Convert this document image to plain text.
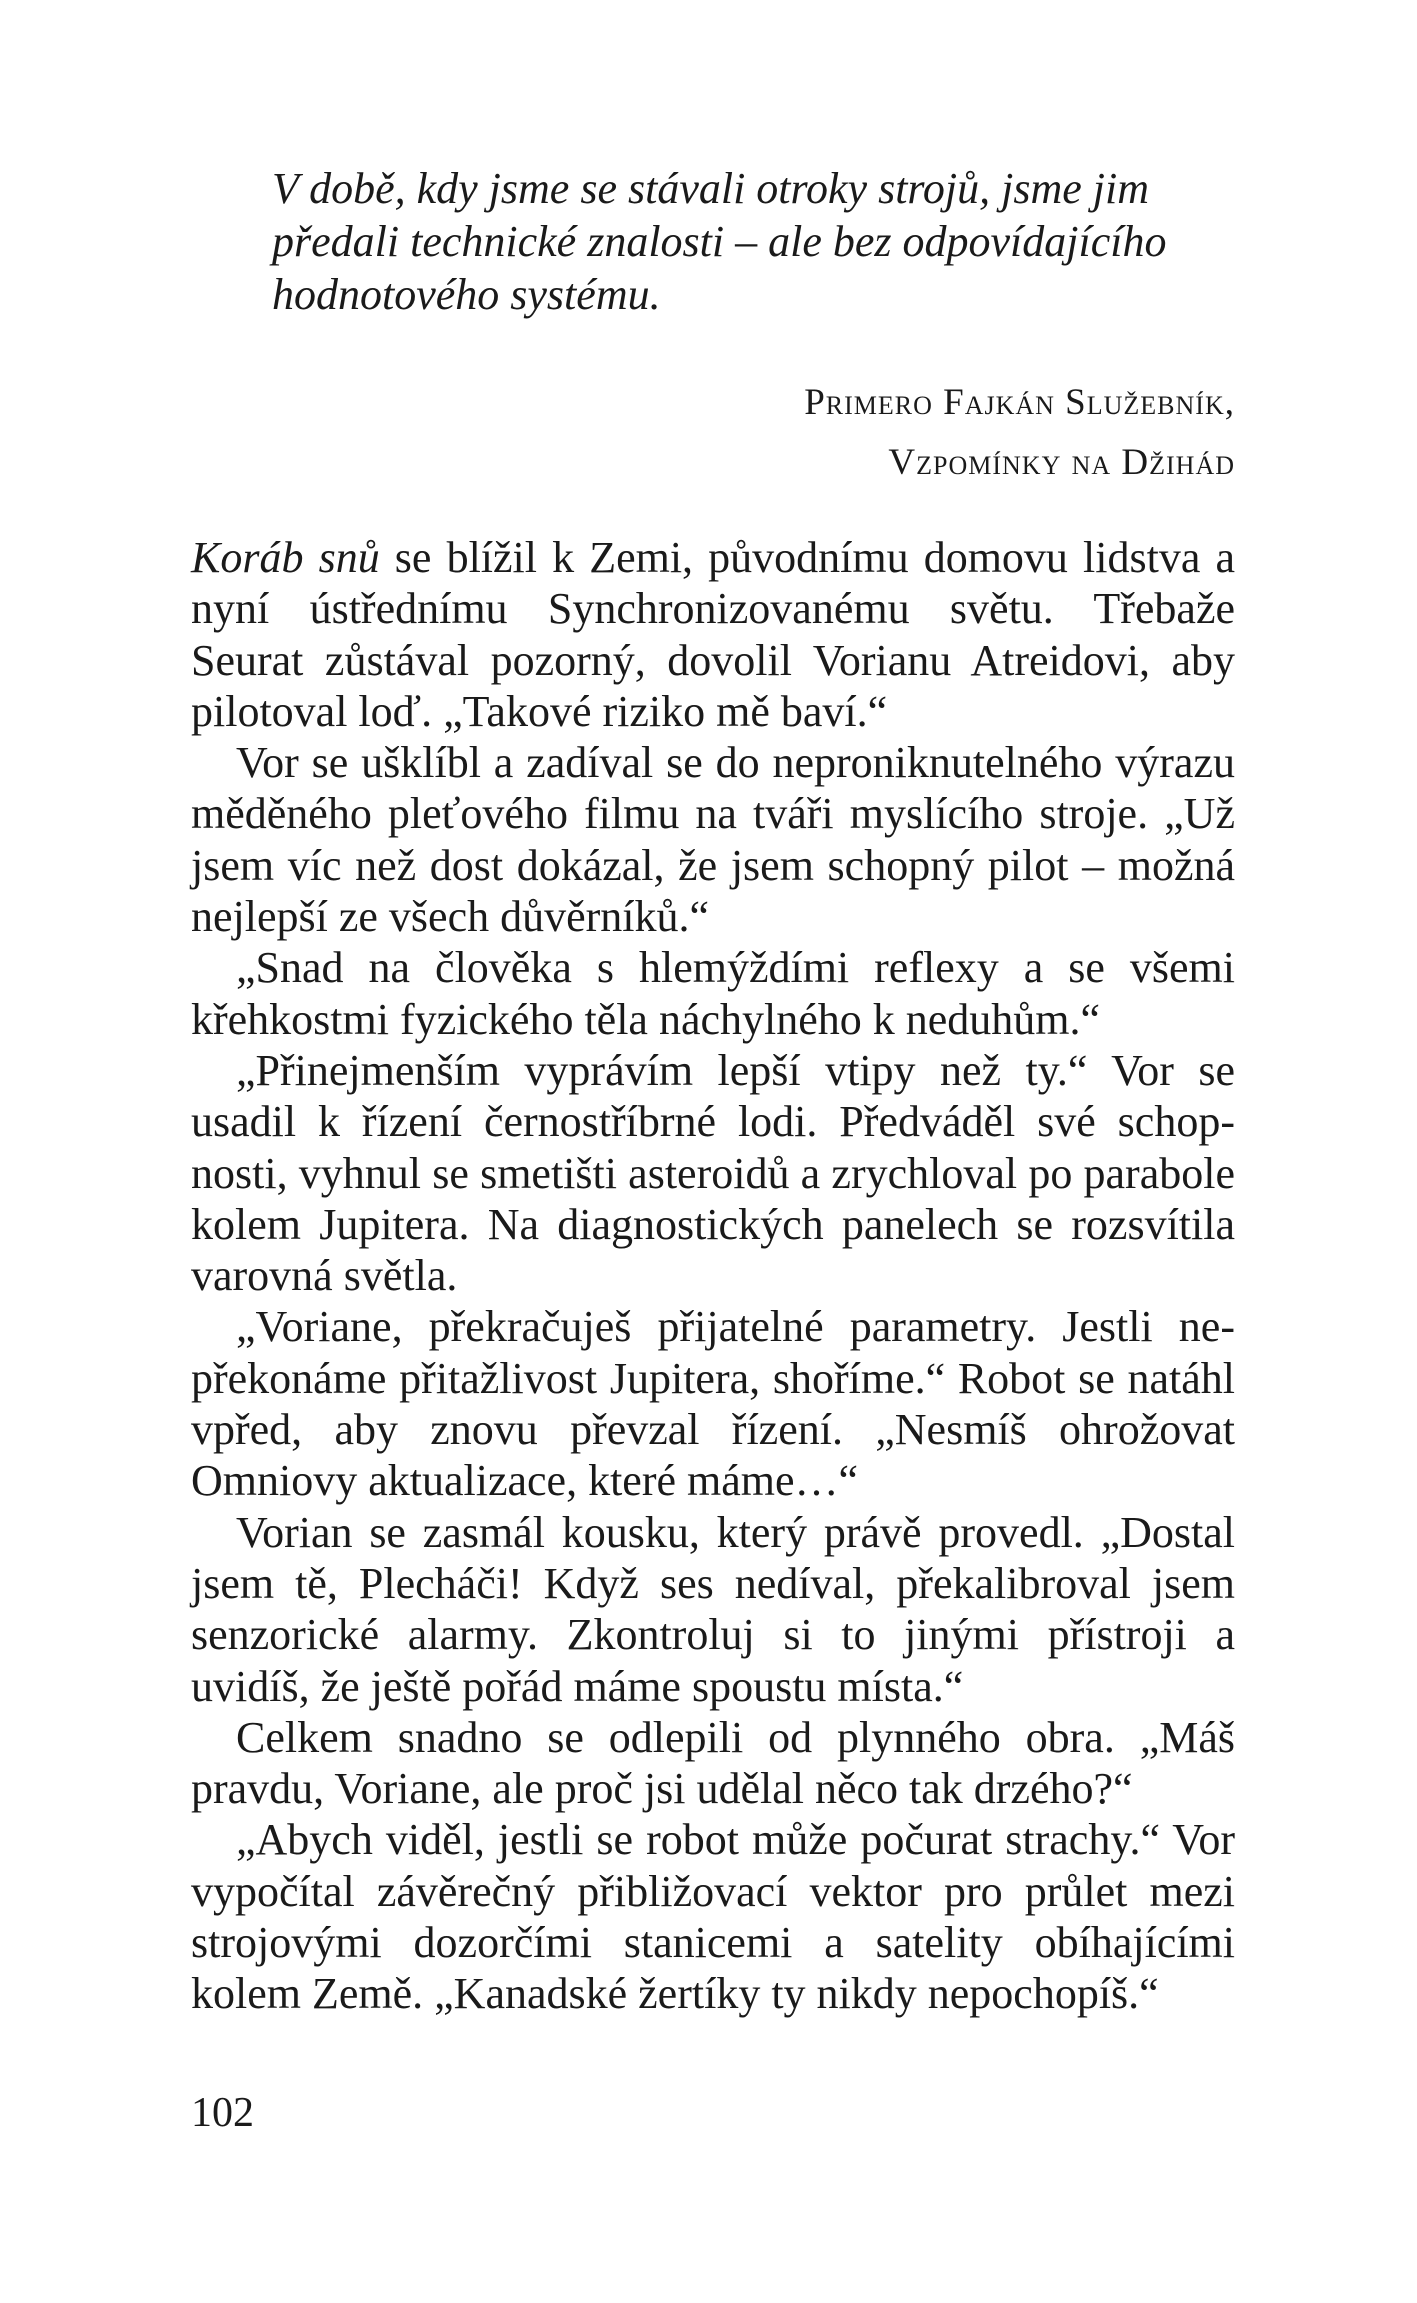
V době, kdy jsme se stávali otroky strojů, jsme jim předali technické znalosti – ale bez odpovídajícího hodnotového systému.

Primero Fajkán Služebník,
Vzpomínky na Džihád

Koráb snů se blížil k Zemi, původnímu domovu lidstva a nyní ústřednímu Synchronizovanému světu. Třebaže Seurat zůstával pozorný, dovolil Vorianu Atreidovi, aby pilotoval loď. „Takové riziko mě baví.“

Vor se ušklíbl a zadíval se do neproniknutelného výrazu měděného pleťového filmu na tváři myslícího stroje. „Už jsem víc než dost dokázal, že jsem schopný pilot – možná nejlepší ze všech důvěrníků.“

„Snad na člověka s hlemýždími reflexy a se všemi křehkostmi fyzického těla náchylného k neduhům.“

„Přinejmenším vyprávím lepší vtipy než ty.“ Vor se usadil k řízení černostříbrné lodi. Předváděl své schopnosti, vyhnul se smetišti asteroidů a zrychloval po parabole kolem Jupitera. Na diagnostických panelech se rozsvítila varovná světla.

„Voriane, překračuješ přijatelné parametry. Jestli nepřekonáme přitažlivost Jupitera, shoříme.“ Robot se natáhl vpřed, aby znovu převzal řízení. „Nesmíš ohrožovat Omniovy aktualizace, které máme…“

Vorian se zasmál kousku, který právě provedl. „Dostal jsem tě, Plecháči! Když ses nedíval, překalibroval jsem senzorické alarmy. Zkontroluj si to jinými přístroji a uvidíš, že ještě pořád máme spoustu místa.“

Celkem snadno se odlepili od plynného obra. „Máš pravdu, Voriane, ale proč jsi udělal něco tak drzého?“

„Abych viděl, jestli se robot může počurat strachy.“ Vor vypočítal závěrečný přibližovací vektor pro průlet mezi strojovými dozorčími stanicemi a satelity obíhajícími kolem Země. „Kanadské žertíky ty nikdy nepochopíš.“

102
